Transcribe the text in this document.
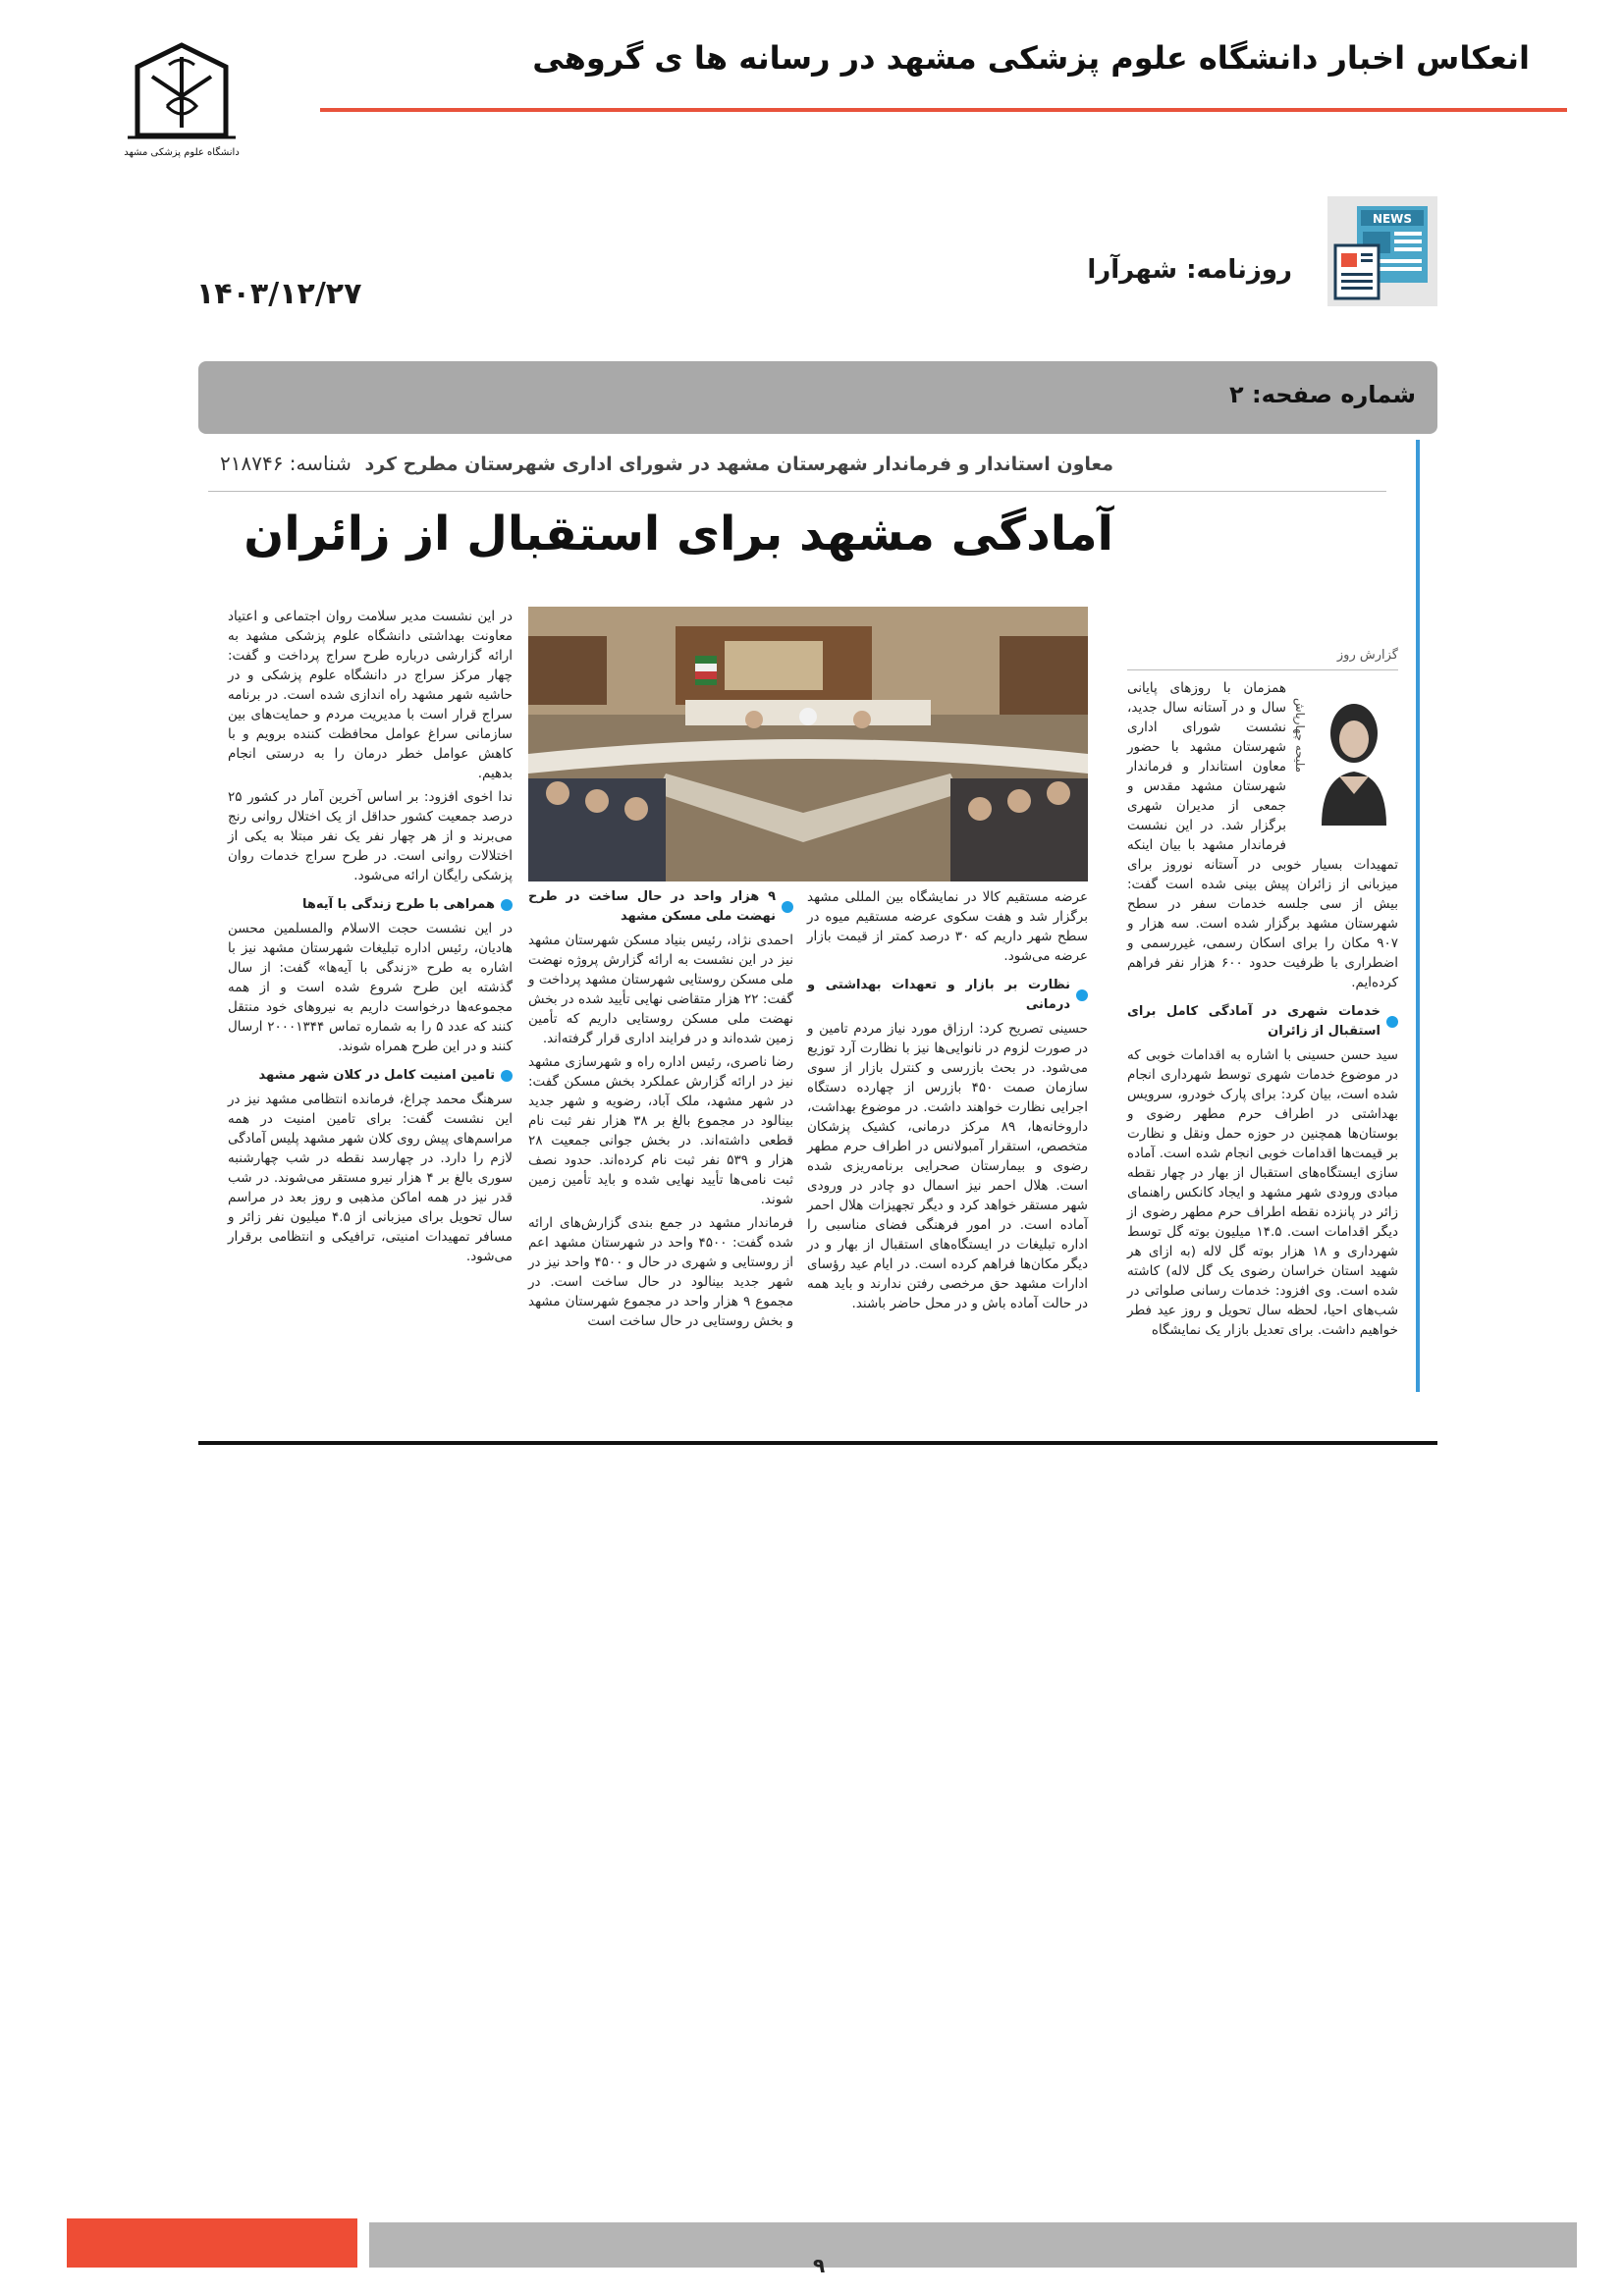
انعکاس اخبار دانشگاه علوم پزشکی مشهد در رسانه ها ی گروهی
دانشگاه علوم پزشکی مشهد
NEWS
روزنامه: شهرآرا
۱۴۰۳/۱۲/۲۷
شماره صفحه: ۲
معاون استاندار و فرماندار شهرستان مشهد در شورای اداری شهرستان مطرح کرد
شناسه: ۲۱۸۷۴۶
آمادگی مشهد برای استقبال از زائران
گزارش روز
ملیحه چهارپاش

همزمان با روزهای پایانی سال و در آستانه سال جدید، نشست شورای اداری شهرستان مشهد با حضور معاون استاندار و فرماندار شهرستان مشهد مقدس و جمعی از مدیران شهری برگزار شد. در این نشست فرماندار مشهد با بیان اینکه تمهیدات بسیار خوبی در آستانه نوروز برای میزبانی از زائران پیش بینی شده است گفت: بیش از سی جلسه خدمات سفر در سطح شهرستان مشهد برگزار شده است. سه هزار و ۹۰۷ مکان را برای اسکان رسمی، غیررسمی و اضطراری با ظرفیت حدود ۶۰۰ هزار نفر فراهم کرده‌ایم.

خدمات شهری در آمادگی کامل برای استقبال از زائران

سید حسن حسینی با اشاره به اقدامات خوبی که در موضوع خدمات شهری توسط شهرداری انجام شده است، بیان کرد: برای پارک خودرو، سرویس بهداشتی در اطراف حرم مطهر رضوی و بوستان‌ها همچنین در حوزه حمل ونقل و نظارت بر قیمت‌ها اقدامات خوبی انجام شده است. آماده سازی ایستگاه‌های استقبال از بهار در چهار نقطه مبادی ورودی شهر مشهد و ایجاد کانکس راهنمای زائر در پانزده نقطه اطراف حرم مطهر رضوی از دیگر اقدامات است. ۱۴.۵ میلیون بوته گل توسط شهرداری و ۱۸ هزار بوته گل لاله (به ازای هر شهید استان خراسان رضوی یک گل لاله) کاشته شده است. وی افزود: خدمات رسانی صلواتی در شب‌های احیا، لحظه سال تحویل و روز عید فطر خواهیم داشت. برای تعدیل بازار یک نمایشگاه

عرضه مستقیم کالا در نمایشگاه بین المللی مشهد برگزار شد و هفت سکوی عرضه مستقیم میوه در سطح شهر داریم که ۳۰ درصد کمتر از قیمت بازار عرضه می‌شود.

نظارت بر بازار و تعهدات بهداشتی و درمانی

حسینی تصریح کرد: ارزاق مورد نیاز مردم تامین و در صورت لزوم در نانوایی‌ها نیز با نظارت آرد توزیع می‌شود. در بحث بازرسی و کنترل بازار از سوی سازمان صمت ۴۵۰ بازرس از چهارده دستگاه اجرایی نظارت خواهند داشت. در موضوع بهداشت، داروخانه‌ها، ۸۹ مرکز درمانی، کشیک پزشکان متخصص، استقرار آمبولانس در اطراف حرم مطهر رضوی و بیمارستان صحرایی برنامه‌ریزی شده است. هلال احمر نیز اسمال دو چادر در ورودی شهر مستقر خواهد کرد و دیگر تجهیزات هلال احمر آماده است. در امور فرهنگی فضای مناسبی را اداره تبلیغات در ایستگاه‌های استقبال از بهار و در دیگر مکان‌ها فراهم کرده است. در ایام عید رؤسای ادارات مشهد حق مرخصی رفتن ندارند و باید همه در حالت آماده باش و در محل حاضر باشند.

۹ هزار واحد در حال ساخت در طرح نهضت ملی مسکن مشهد

احمدی نژاد، رئیس بنیاد مسکن شهرستان مشهد نیز در این نشست به ارائه گزارش پروژه نهضت ملی مسکن روستایی شهرستان مشهد پرداخت و گفت: ۲۲ هزار متقاضی نهایی تأیید شده در بخش نهضت ملی مسکن روستایی داریم که تأمین زمین شده‌اند و در فرایند اداری قرار گرفته‌اند.

رضا ناصری، رئیس اداره راه و شهرسازی مشهد نیز در ارائه گزارش عملکرد بخش مسکن گفت: در شهر مشهد، ملک آباد، رضویه و شهر جدید بینالود در مجموع بالغ بر ۳۸ هزار نفر ثبت نام قطعی داشته‌اند. در بخش جوانی جمعیت ۲۸ هزار و ۵۳۹ نفر ثبت نام کرده‌اند. حدود نصف ثبت نامی‌ها تأیید نهایی شده و باید تأمین زمین شوند.

فرماندار مشهد در جمع بندی گزارش‌های ارائه شده گفت: ۴۵۰۰ واحد در شهرستان مشهد اعم از روستایی و شهری در حال و ۴۵۰۰ واحد نیز در شهر جدید بینالود در حال ساخت است. در مجموع ۹ هزار واحد در مجموع شهرستان مشهد و بخش روستایی در حال ساخت است

در این نشست مدیر سلامت روان اجتماعی و اعتیاد معاونت بهداشتی دانشگاه علوم پزشکی مشهد به ارائه گزارشی درباره طرح سراج پرداخت و گفت: چهار مرکز سراج در دانشگاه علوم پزشکی و در حاشیه شهر مشهد راه اندازی شده است. در برنامه سراج قرار است با مدیریت مردم و حمایت‌های بین سازمانی سراغ عوامل محافظت کننده برویم و با کاهش عوامل خطر درمان را به درستی انجام بدهیم.

ندا اخوی افزود: بر اساس آخرین آمار در کشور ۲۵ درصد جمعیت کشور حداقل از یک اختلال روانی رنج می‌برند و از هر چهار نفر یک نفر مبتلا به یکی از اختلالات روانی است. در طرح سراج خدمات روان پزشکی رایگان ارائه می‌شود.

همراهی با طرح زندگی با آیه‌ها

در این نشست حجت الاسلام والمسلمین محسن هادیان، رئیس اداره تبلیغات شهرستان مشهد نیز با اشاره به طرح «زندگی با آیه‌ها» گفت: از سال گذشته این طرح شروع شده است و از همه مجموعه‌ها درخواست داریم به نیروهای خود منتقل کنند که عدد ۵ را به شماره تماس ۲۰۰۰۱۳۴۴ ارسال کنند و در این طرح همراه شوند.

تامین امنیت کامل در کلان شهر مشهد

سرهنگ محمد چراغ، فرمانده انتظامی مشهد نیز در این نشست گفت: برای تامین امنیت در همه مراسم‌های پیش روی کلان شهر مشهد پلیس آمادگی لازم را دارد. در چهارسد نقطه در شب چهارشنبه سوری بالغ بر ۴ هزار نیرو مستقر می‌شوند. در شب قدر نیز در همه اماکن مذهبی و روز بعد در مراسم سال تحویل برای میزبانی از ۴.۵ میلیون نفر زائر و مسافر تمهیدات امنیتی، ترافیکی و انتظامی برقرار می‌شود.

۹
